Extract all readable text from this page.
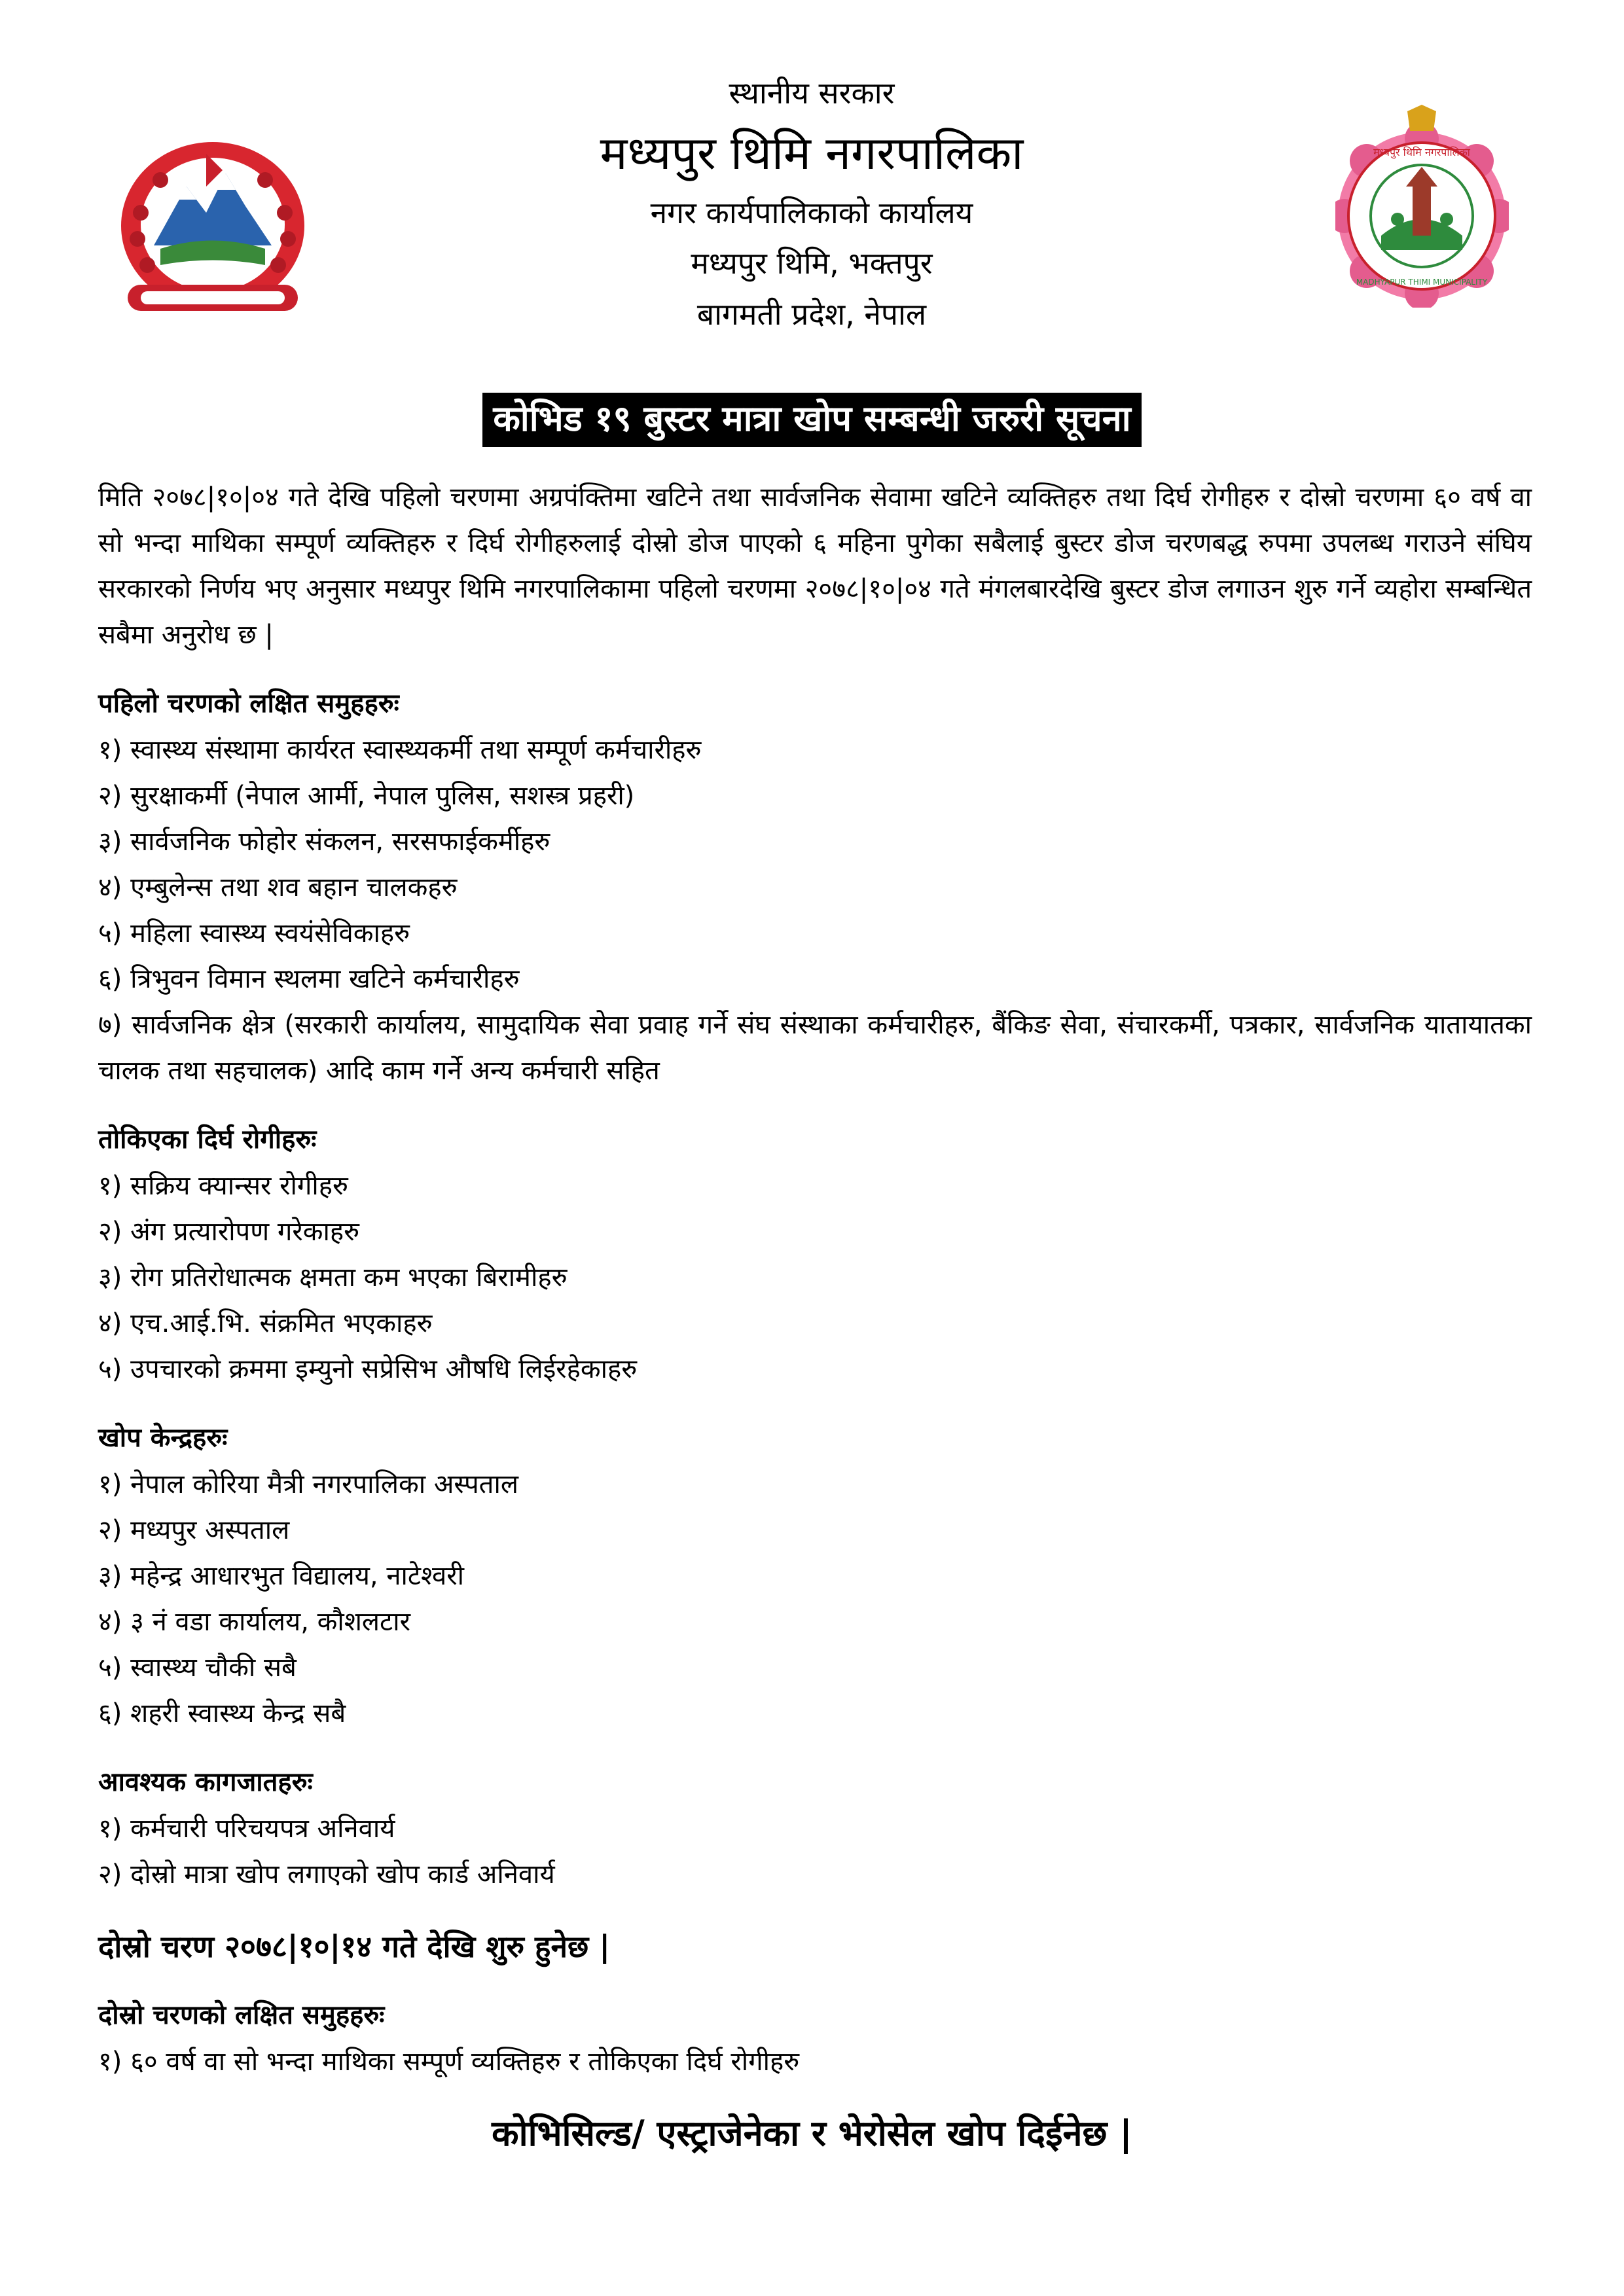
स्थानीय सरकार
मध्यपुर थिमि नगरपालिका
नगर कार्यपालिकाको कार्यालय
मध्यपुर थिमि, भक्तपुर
बागमती प्रदेश, नेपाल
मध्यपुर थिमि नगरपालिका
MADHYAPUR THIMI MUNICIPALITY
कोभिड १९ बुस्टर मात्रा खोप सम्बन्धी जरुरी सूचना

मिति २०७८|१०|०४ गते देखि पहिलो चरणमा अग्रपंक्तिमा खटिने तथा सार्वजनिक सेवामा खटिने व्यक्तिहरु तथा दिर्घ रोगीहरु र दोस्रो चरणमा ६० वर्ष वा सो भन्दा माथिका सम्पूर्ण व्यक्तिहरु र दिर्घ रोगीहरुलाई दोस्रो डोज पाएको ६ महिना पुगेका सबैलाई बुस्टर डोज चरणबद्ध रुपमा उपलब्ध गराउने संघिय सरकारको निर्णय भए अनुसार मध्यपुर थिमि नगरपालिकामा पहिलो चरणमा २०७८|१०|०४ गते मंगलबारदेखि बुस्टर डोज लगाउन शुरु गर्ने व्यहोरा सम्बन्धित सबैमा अनुरोध छ |

पहिलो चरणको लक्षित समुहहरुः
१) स्वास्थ्य संस्थामा कार्यरत स्वास्थ्यकर्मी तथा सम्पूर्ण कर्मचारीहरु
२) सुरक्षाकर्मी (नेपाल आर्मी, नेपाल पुलिस, सशस्त्र प्रहरी)
३) सार्वजनिक फोहोर संकलन, सरसफाईकर्मीहरु
४) एम्बुलेन्स तथा शव बहान चालकहरु
५) महिला स्वास्थ्य स्वयंसेविकाहरु
६) त्रिभुवन विमान स्थलमा खटिने कर्मचारीहरु
७) सार्वजनिक क्षेत्र (सरकारी कार्यालय, सामुदायिक सेवा प्रवाह गर्ने संघ संस्थाका कर्मचारीहरु, बैंकिङ सेवा, संचारकर्मी, पत्रकार, सार्वजनिक यातायातका चालक तथा सहचालक) आदि काम गर्ने अन्य कर्मचारी सहित
तोकिएका दिर्घ रोगीहरुः
१) सक्रिय क्यान्सर रोगीहरु
२) अंग प्रत्यारोपण गरेकाहरु
३) रोग प्रतिरोधात्मक क्षमता कम भएका बिरामीहरु
४) एच.आई.भि. संक्रमित भएकाहरु
५) उपचारको क्रममा इम्युनो सप्रेसिभ औषधि लिईरहेकाहरु
खोप केन्द्रहरुः
१) नेपाल कोरिया मैत्री नगरपालिका अस्पताल
२) मध्यपुर अस्पताल
३) महेन्द्र आधारभुत विद्यालय, नाटेश्वरी
४) ३ नं वडा कार्यालय, कौशलटार
५) स्वास्थ्य चौकी सबै
६) शहरी स्वास्थ्य केन्द्र सबै
आवश्यक कागजातहरुः
१) कर्मचारी परिचयपत्र अनिवार्य
२) दोस्रो मात्रा खोप लगाएको खोप कार्ड अनिवार्य
दोस्रो चरण २०७८|१०|१४ गते देखि शुरु हुनेछ |
दोस्रो चरणको लक्षित समुहहरुः
१) ६० वर्ष वा सो भन्दा माथिका सम्पूर्ण व्यक्तिहरु र तोकिएका दिर्घ रोगीहरु
कोभिसिल्ड/ एस्ट्राजेनेका र भेरोसेल खोप दिईनेछ |
